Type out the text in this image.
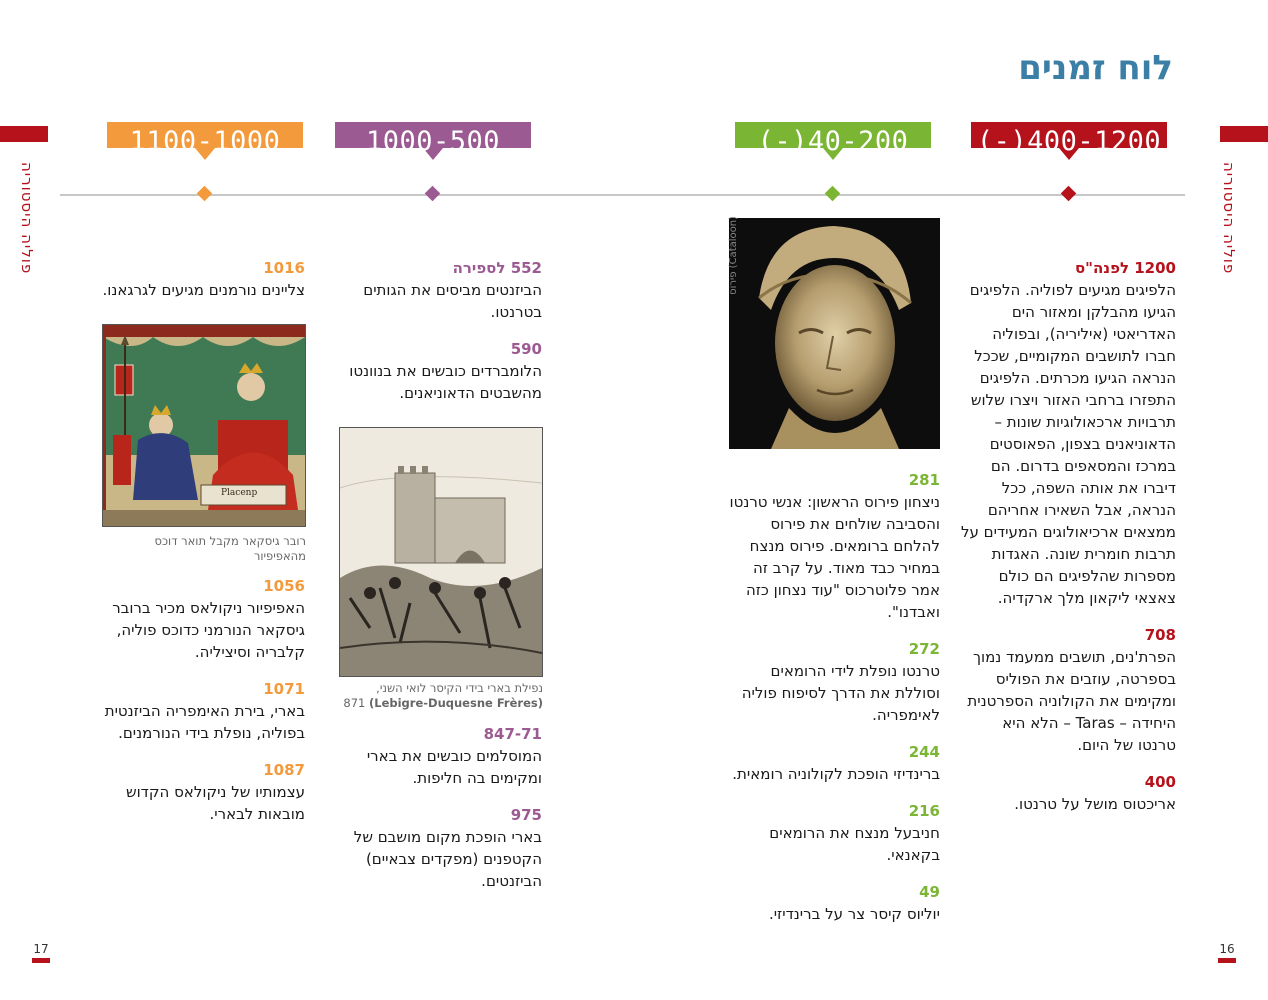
לוח זמנים
פוליה היסטוריה	פוליה היסטוריה
17	16
(-)400-1200
(-)40-200
1000-500
1100-1000
1200 לפנה"ס
הלפיגים מגיעים לפוליה. הלפיגים הגיעו מהבלקן ומאזור הים האדריאטי (איליריה), ובפוליה חברו לתושבים המקומיים, שככל הנראה הגיעו מכרתים. הלפיגים התפזרו ברחבי האזור ויצרו שלוש תרבויות ארכאולוגיות שונות – הדאוניאנים בצפון, הפאוסטים במרכז והמסאפים בדרום. הם דיברו את אותה השפה, ככל הנראה, אבל השאירו אחריהם ממצאים ארכיאולוגים המעידים על תרבות חומרית שונה. האגדות מספרות שהלפיגים הם כולם צאצאי ליקאון מלך ארקדיה.
708
הפרת'נים, תושבים ממעמד נמוך בספרטה, עוזבים את הפוליס ומקימים את הקולוניה הספרטנית היחידה – Taras – הלא היא טרנטו של היום.
400
אריכטוס מושל על טרנטו.
פירוס (Cataloon)
281
ניצחון פירוס הראשון: אנשי טרנטו והסביבה שולחים את פירוס להלחם ברומאים. פירוס מנצח במחיר כבד מאוד. על קרב זה אמר פלוטרכוס "עוד נצחון כזה ואבדנו".
272
טרנטו נופלת לידי הרומאים וסוללת את הדרך לסיפוח פוליה לאימפריה.
244
ברינדיזי הופכת לקולוניה רומאית.
216
חניבעל מנצח את הרומאים בקאנאי.
49
יוליוס קיסר צר על ברינדיזי.
552 לספירה
הביזנטים מביסים את הגותים בטרנטו.
590
הלומברדים כובשים את בנוונטו מהשבטים הדאוניאנים.
נפילת בארי בידי הקיסר לואי השני,
(Lebigre-Duquesne Frères) 871
847-71
המוסלמים כובשים את בארי ומקימים בה חליפות.
975
בארי הופכת מקום מושבם של הקטפנים (מפקדים צבאיים) הביזנטים.
1016
צליינים נורמנים מגיעים לגרגאנו.
Placenp
רובר גיסקאר מקבל תואר דוכס מהאפיפיור
1056
האפיפיור ניקולאס מכיר ברובר גיסקאר הנורמני כדוכס פוליה, קלבריה וסיציליה.
1071
בארי, בירת האימפריה הביזנטית בפוליה, נופלת בידי הנורמנים.
1087
עצמותיו של ניקולאס הקדוש מובאות לבארי.
